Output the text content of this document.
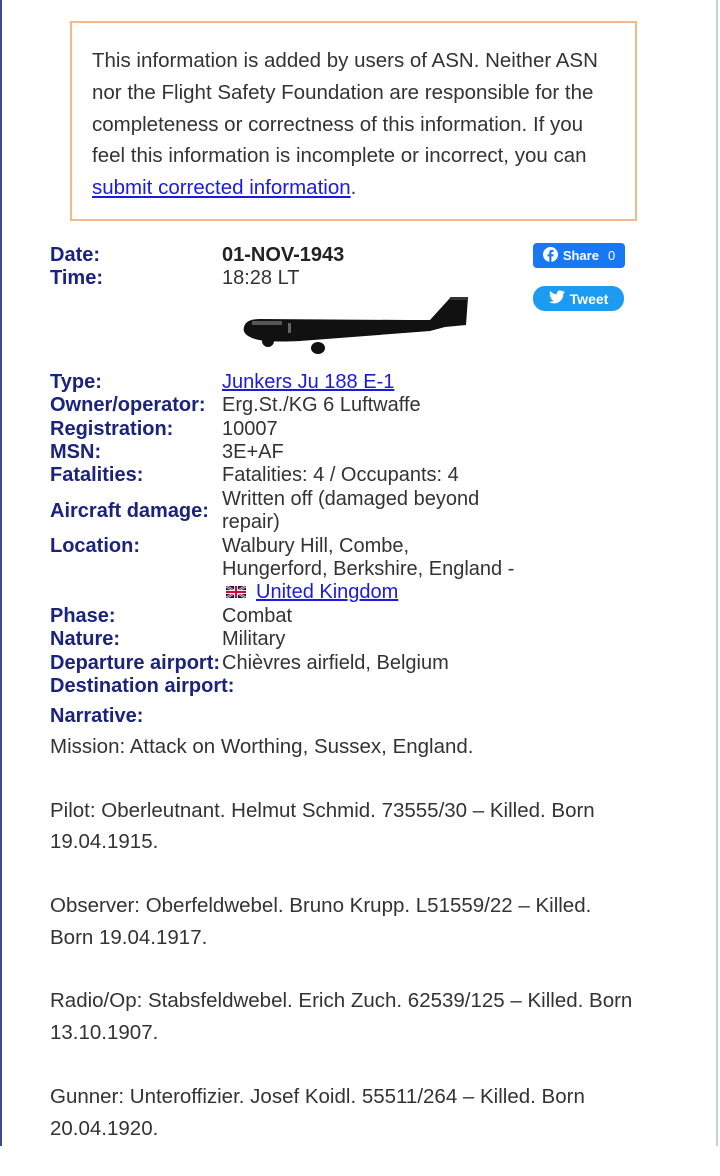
This information is added by users of ASN. Neither ASN nor the Flight Safety Foundation are responsible for the completeness or correctness of this information. If you feel this information is incomplete or incorrect, you can submit corrected information.
Share 0
Tweet
Date:	01-NOV-1943
Time:	18:28 LT
Type:	Junkers Ju 188 E-1
Owner/operator: Erg.St./KG 6 Luftwaffe
Registration:	10007
MSN:	3E+AF
Fatalities:	Fatalities: 4 / Occupants: 4
Aircraft damage:
Written off (damaged beyond repair)
Location:	Walbury Hill, Combe, Hungerford, Berkshire, England - United Kingdom
Phase:	Combat
Nature:	Military
Departure airport: Chièvres airfield, Belgium
Destination airport:
Narrative:

Mission: Attack on Worthing, Sussex, England.

Pilot: Oberleutnant. Helmut Schmid. 73555/30 – Killed. Born 19.04.1915.

Observer: Oberfeldwebel. Bruno Krupp. L51559/22 – Killed. Born 19.04.1917.

Radio/Op: Stabsfeldwebel. Erich Zuch. 62539/125 – Killed. Born 13.10.1907.

Gunner: Unteroffizier. Josef Koidl. 55511/264 – Killed. Born 20.04.1920.
